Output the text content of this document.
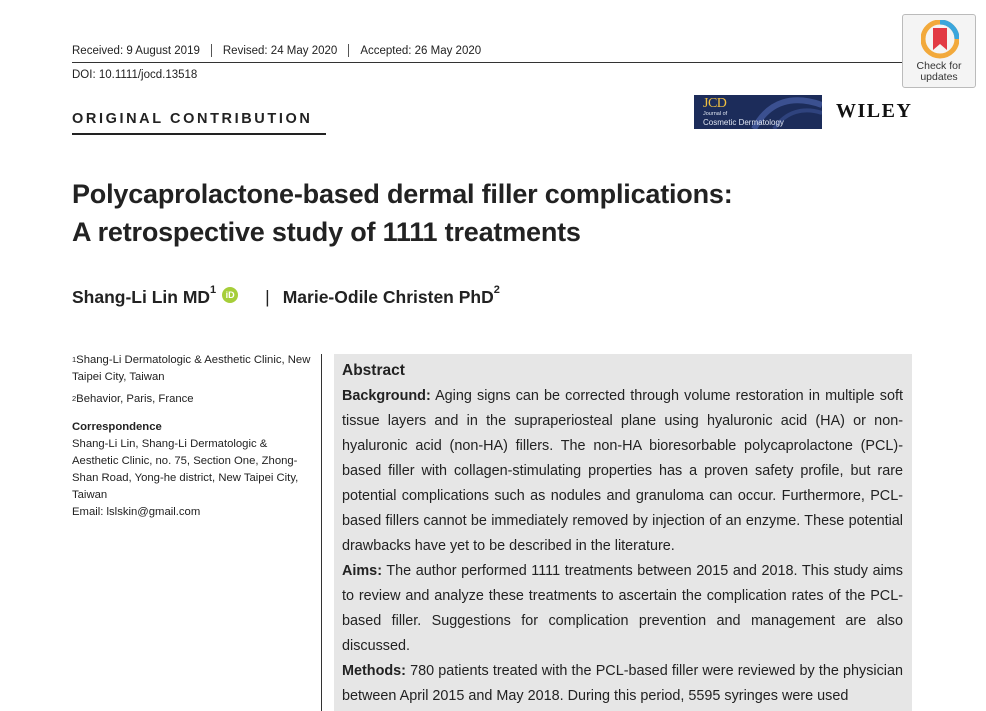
Received: 9 August 2019 Revised: 24 May 2020 Accepted: 26 May 2020
DOI: 10.1111/jocd.13518
Check for
updates
ORIGINAL CONTRIBUTION
JCD
Journal of
Cosmetic Dermatology
WILEY
Polycaprolactone-based dermal filler complications:
A retrospective study of 1111 treatments
Shang-Li Lin $MD^1$	iD | Marie-Odile Christen PhD$^2$

$^1$Shang-Li Dermatologic & Aesthetic Clinic, New Taipei City, Taiwan

$^2$Behavior, Paris, France

Correspondence

Shang-Li Lin, Shang-Li Dermatologic & Aesthetic Clinic, no. 75, Section One, Zhong-Shan Road, Yong-he district, New Taipei City, Taiwan

Email: lslskin@gmail.com

Abstract

Background: Aging signs can be corrected through volume restoration in multiple soft tissue layers and in the supraperiosteal plane using hyaluronic acid (HA) or non-hyaluronic acid (non-HA) fillers. The non-HA bioresorbable polycaprolactone (PCL)-based filler with collagen-stimulating properties has a proven safety profile, but rare potential complications such as nodules and granuloma can occur. Furthermore, PCL-based fillers cannot be immediately removed by injection of an enzyme. These potential drawbacks have yet to be described in the literature.

Aims: The author performed 1111 treatments between 2015 and 2018. This study aims to review and analyze these treatments to ascertain the complication rates of the PCL-based filler. Suggestions for complication prevention and management are also discussed.

Methods: 780 patients treated with the PCL-based filler were reviewed by the physician between April 2015 and May 2018. During this period, 5595 syringes were used
